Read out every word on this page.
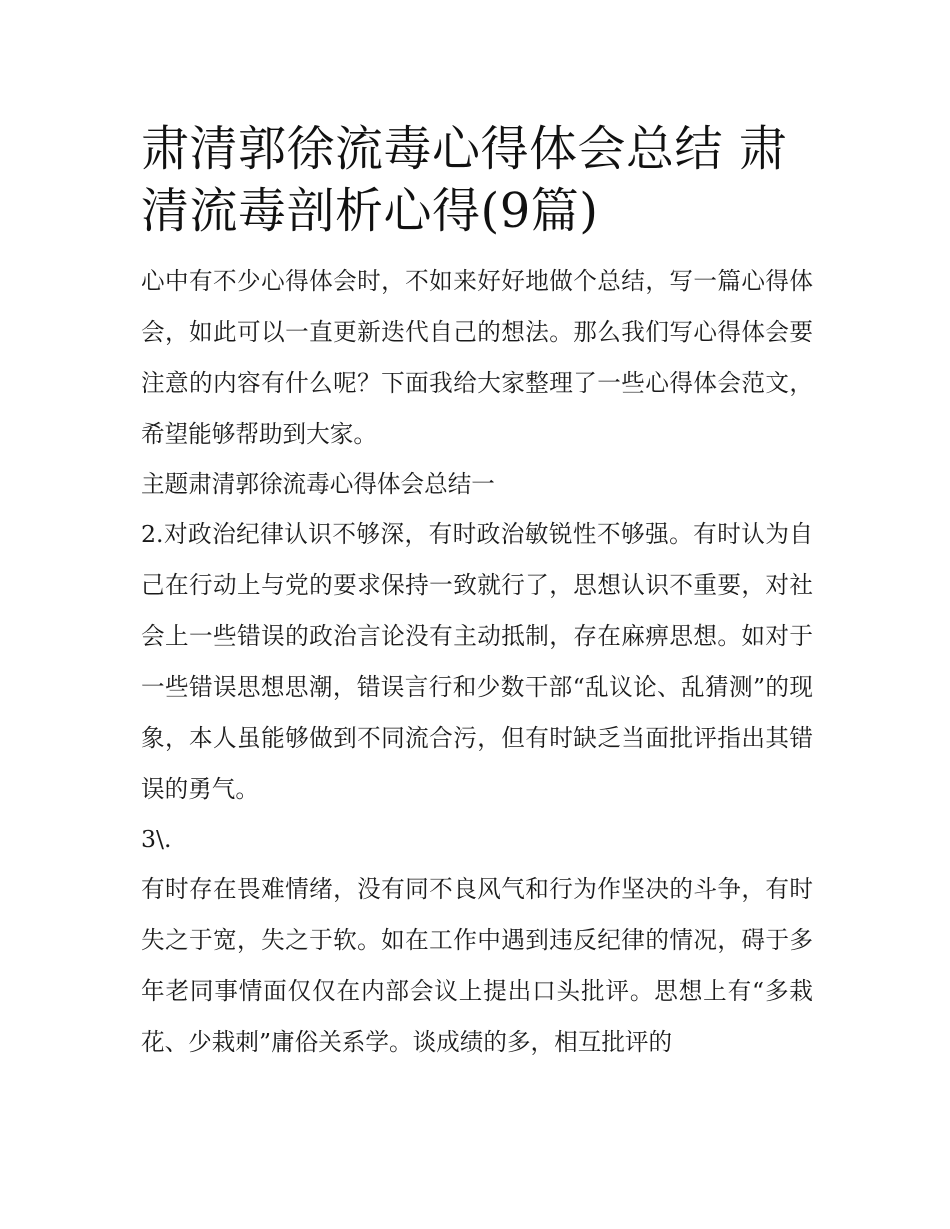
肃清郭徐流毒心得体会总结 肃清流毒剖析心得(9篇)

心中有不少心得体会时，不如来好好地做个总结，写一篇心得体会，如此可以一直更新迭代自己的想法。那么我们写心得体会要注意的内容有什么呢？下面我给大家整理了一些心得体会范文，希望能够帮助到大家。

主题肃清郭徐流毒心得体会总结一

2.对政治纪律认识不够深，有时政治敏锐性不够强。有时认为自己在行动上与党的要求保持一致就行了，思想认识不重要，对社会上一些错误的政治言论没有主动抵制，存在麻痹思想。如对于一些错误思想思潮，错误言行和少数干部“乱议论、乱猜测”的现象，本人虽能够做到不同流合污，但有时缺乏当面批评指出其错误的勇气。

3\.

有时存在畏难情绪，没有同不良风气和行为作坚决的斗争，有时失之于宽，失之于软。如在工作中遇到违反纪律的情况，碍于多年老同事情面仅仅在内部会议上提出口头批评。思想上有“多栽花、少栽刺”庸俗关系学。谈成绩的多，相互批评的
